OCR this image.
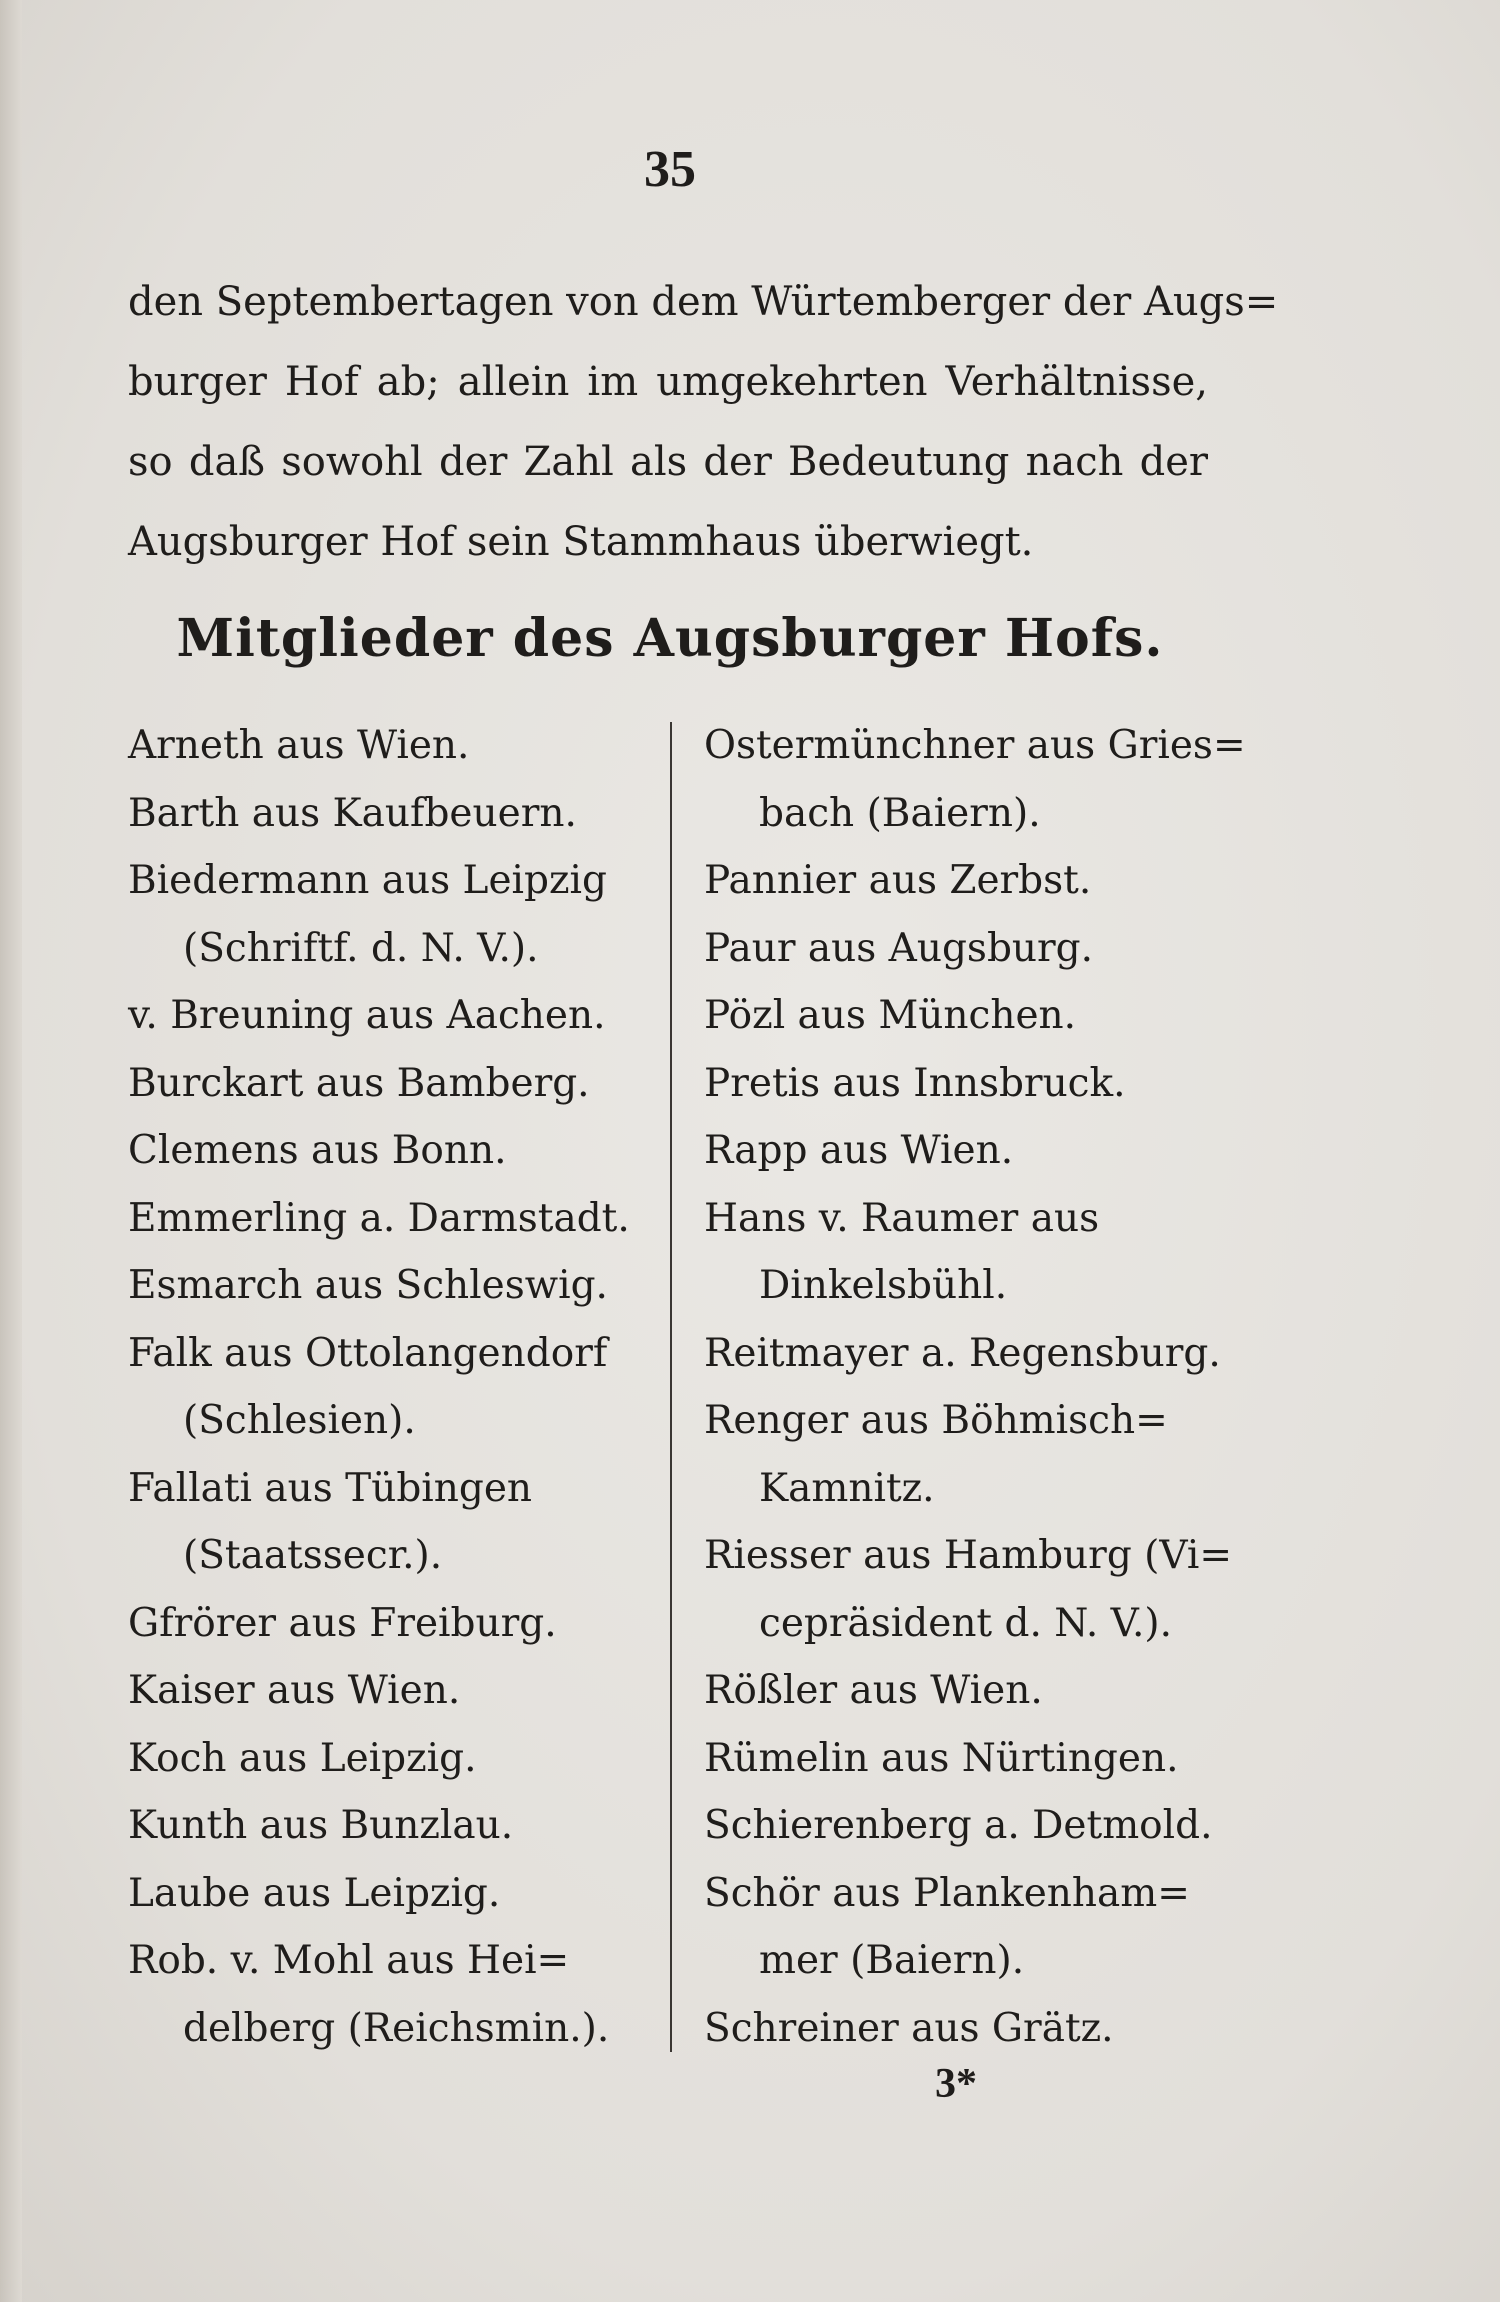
35
den Septembertagen von dem Würtemberger der Augs=
burger Hof ab; allein im umgekehrten Verhältnisse,
so daß sowohl der Zahl als der Bedeutung nach der
Augsburger Hof sein Stammhaus überwiegt.
Mitglieder des Augsburger Hofs.
Arneth aus Wien.
Barth aus Kaufbeuern.
Biedermann aus Leipzig
(Schriftf. d. N. V.).
v. Breuning aus Aachen.
Burckart aus Bamberg.
Clemens aus Bonn.
Emmerling a. Darmstadt.
Esmarch aus Schleswig.
Falk aus Ottolangendorf
(Schlesien).
Fallati aus Tübingen
(Staatssecr.).
Gfrörer aus Freiburg.
Kaiser aus Wien.
Koch aus Leipzig.
Kunth aus Bunzlau.
Laube aus Leipzig.
Rob. v. Mohl aus Hei=
delberg (Reichsmin.).
Ostermünchner aus Gries=
bach (Baiern).
Pannier aus Zerbst.
Paur aus Augsburg.
Pözl aus München.
Pretis aus Innsbruck.
Rapp aus Wien.
Hans v. Raumer aus
Dinkelsbühl.
Reitmayer a. Regensburg.
Renger aus Böhmisch=
Kamnitz.
Riesser aus Hamburg (Vi=
cepräsident d. N. V.).
Rößler aus Wien.
Rümelin aus Nürtingen.
Schierenberg a. Detmold.
Schör aus Plankenham=
mer (Baiern).
Schreiner aus Grätz.
3*
